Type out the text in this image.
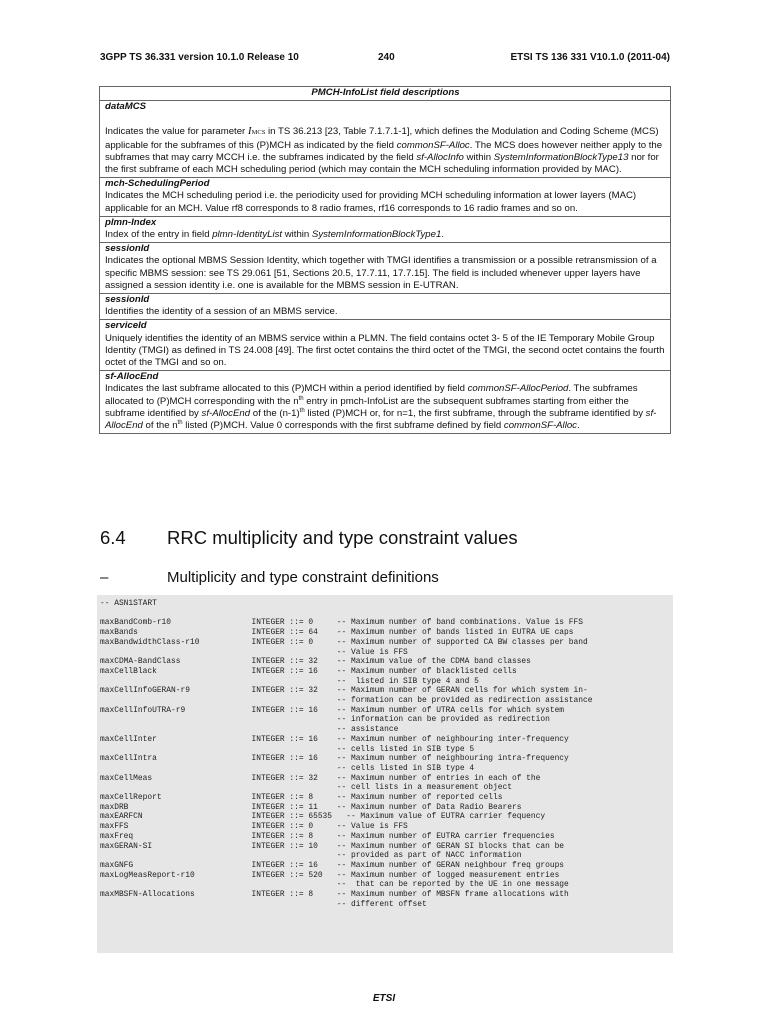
3GPP TS 36.331 version 10.1.0 Release 10	240	ETSI TS 136 331 V10.1.0 (2011-04)
PMCH-InfoList field descriptions

dataMCS
Indicates the value for parameter IMCS in TS 36.213 [23, Table 7.1.7.1-1], which defines the Modulation and Coding Scheme (MCS) applicable for the subframes of this (P)MCH as indicated by the field commonSF-Alloc. The MCS does however neither apply to the subframes that may carry MCCH i.e. the subframes indicated by the field sf-AllocInfo within SystemInformationBlockType13 nor for the first subframe of each MCH scheduling period (which may contain the MCH scheduling information provided by MAC).

mch-SchedulingPeriod
Indicates the MCH scheduling period i.e. the periodicity used for providing MCH scheduling information at lower layers (MAC) applicable for an MCH. Value rf8 corresponds to 8 radio frames, rf16 corresponds to 16 radio frames and so on.

plmn-Index
Index of the entry in field plmn-IdentityList within SystemInformationBlockType1.

sessionId
Indicates the optional MBMS Session Identity, which together with TMGI identifies a transmission or a possible retransmission of a specific MBMS session: see TS 29.061 [51, Sections 20.5, 17.7.11, 17.7.15]. The field is included whenever upper layers have assigned a session identity i.e. one is available for the MBMS session in E-UTRAN.

sessionId
Identifies the identity of a session of an MBMS service.

serviceId
Uniquely identifies the identity of an MBMS service within a PLMN. The field contains octet 3- 5 of the IE Temporary Mobile Group Identity (TMGI) as defined in TS 24.008 [49]. The first octet contains the third octet of the TMGI, the second octet contains the fourth octet of the TMGI and so on.

sf-AllocEnd
Indicates the last subframe allocated to this (P)MCH within a period identified by field commonSF-AllocPeriod. The subframes allocated to (P)MCH corresponding with the $n^{th}$ entry in pmch-InfoList are the subsequent subframes starting from either the subframe identified by sf-AllocEnd of the $(n-1)^{th}$ listed (P)MCH or, for n=1, the first subframe, through the subframe identified by sf-AllocEnd of the $n^{th}$ listed (P)MCH. Value 0 corresponds with the first subframe defined by field commonSF-Alloc.
6.4 RRC multiplicity and type constraint values
–	Multiplicity and type constraint definitions
-- ASN1START

maxBandComb-r10                 INTEGER ::= 0     -- Maximum number of band combinations. Value is FFS
maxBands                        INTEGER ::= 64    -- Maximum number of bands listed in EUTRA UE caps
maxBandwidthClass-r10           INTEGER ::= 0     -- Maximum number of supported CA BW classes per band
-- Value is FFS
maxCDMA-BandClass               INTEGER ::= 32    -- Maximum value of the CDMA band classes
maxCellBlack                    INTEGER ::= 16    -- Maximum number of blacklisted cells
--  listed in SIB type 4 and 5
maxCellInfoGERAN-r9             INTEGER ::= 32    -- Maximum number of GERAN cells for which system in-
-- formation can be provided as redirection assistance
maxCellInfoUTRA-r9              INTEGER ::= 16    -- Maximum number of UTRA cells for which system
-- information can be provided as redirection
-- assistance
maxCellInter                    INTEGER ::= 16    -- Maximum number of neighbouring inter-frequency
-- cells listed in SIB type 5
maxCellIntra                    INTEGER ::= 16    -- Maximum number of neighbouring intra-frequency
-- cells listed in SIB type 4
maxCellMeas                     INTEGER ::= 32    -- Maximum number of entries in each of the
-- cell lists in a measurement object
maxCellReport                   INTEGER ::= 8     -- Maximum number of reported cells
maxDRB                          INTEGER ::= 11    -- Maximum number of Data Radio Bearers
maxEARFCN                       INTEGER ::= 65535   -- Maximum value of EUTRA carrier fequency
maxFFS                          INTEGER ::= 0     -- Value is FFS
maxFreq                         INTEGER ::= 8     -- Maximum number of EUTRA carrier frequencies
maxGERAN-SI                     INTEGER ::= 10    -- Maximum number of GERAN SI blocks that can be
-- provided as part of NACC information
maxGNFG                         INTEGER ::= 16    -- Maximum number of GERAN neighbour freq groups
maxLogMeasReport-r10            INTEGER ::= 520   -- Maximum number of logged measurement entries
--  that can be reported by the UE in one message
maxMBSFN-Allocations            INTEGER ::= 8     -- Maximum number of MBSFN frame allocations with
-- different offset

ETSI
